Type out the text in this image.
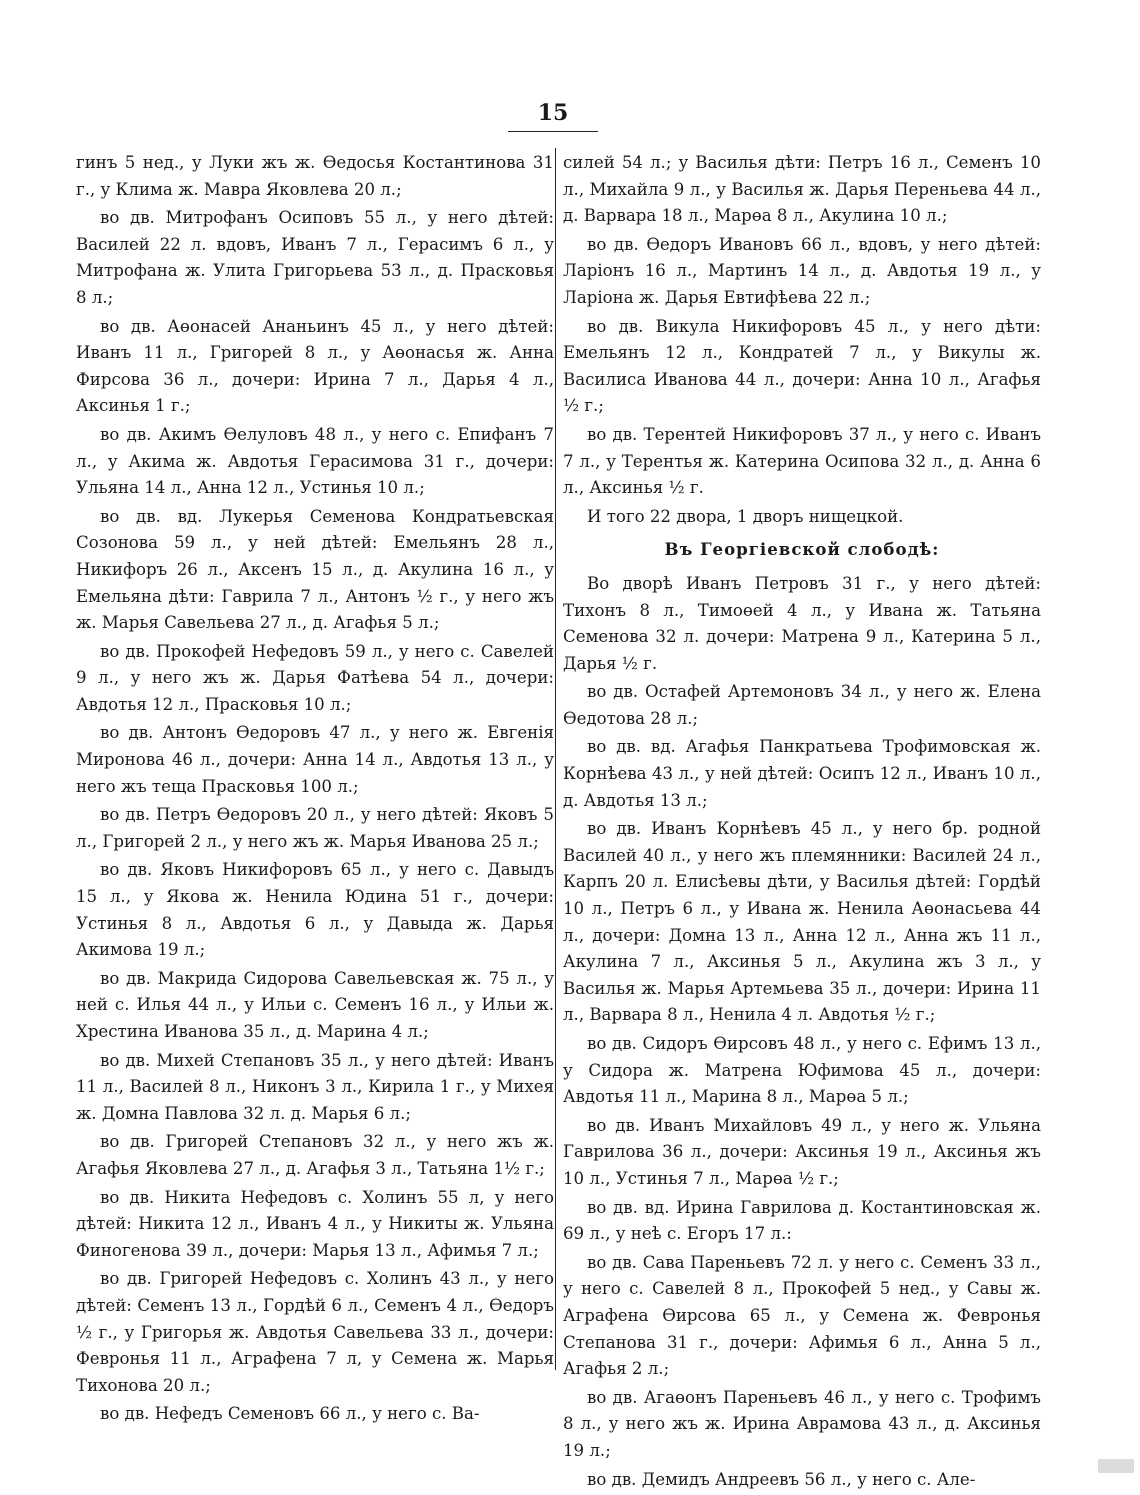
15

гинъ 5 нед., у Луки жъ ж. Өедосья Костантинова 31 г., у Клима ж. Мавра Яковлева 20 л.;

во дв. Митрофанъ Осиповъ 55 л., у него дѣтей: Василей 22 л. вдовъ, Иванъ 7 л., Герасимъ 6 л., у Митрофана ж. Улита Григорьева 53 л., д. Прасковья 8 л.;

во дв. Аөонасей Ананьинъ 45 л., у него дѣтей: Иванъ 11 л., Григорей 8 л., у Аөонасья ж. Анна Фирсова 36 л., дочери: Ирина 7 л., Дарья 4 л., Аксинья 1 г.;

во дв. Акимъ Өелуловъ 48 л., у него с. Епифанъ 7 л., у Акима ж. Авдотья Герасимова 31 г., дочери: Ульяна 14 л., Анна 12 л., Устинья 10 л.;

во дв. вд. Лукерья Семенова Кондратьевская Созонова 59 л., у ней дѣтей: Емельянъ 28 л., Никифоръ 26 л., Аксенъ 15 л., д. Акулина 16 л., у Емельяна дѣти: Гаврила 7 л., Антонъ ½ г., у него жъ ж. Марья Савельева 27 л., д. Агафья 5 л.;

во дв. Прокофей Нефедовъ 59 л., у него с. Савелей 9 л., у него жъ ж. Дарья Фатѣева 54 л., дочери: Авдотья 12 л., Прасковья 10 л.;

во дв. Антонъ Өедоровъ 47 л., у него ж. Евгенія Миронова 46 л., дочери: Анна 14 л., Авдотья 13 л., у него жъ теща Прасковья 100 л.;

во дв. Петръ Өедоровъ 20 л., у него дѣтей: Яковъ 5 л., Григорей 2 л., у него жъ ж. Марья Иванова 25 л.;

во дв. Яковъ Никифоровъ 65 л., у него с. Давыдъ 15 л., у Якова ж. Ненила Юдина 51 г., дочери: Устинья 8 л., Авдотья 6 л., у Давыда ж. Дарья Акимова 19 л.;

во дв. Макрида Сидорова Савельевская ж. 75 л., у ней с. Илья 44 л., у Ильи с. Семенъ 16 л., у Ильи ж. Хрестина Иванова 35 л., д. Марина 4 л.;

во дв. Михей Степановъ 35 л., у него дѣтей: Иванъ 11 л., Василей 8 л., Никонъ 3 л., Кирила 1 г., у Михея ж. Домна Павлова 32 л. д. Марья 6 л.;

во дв. Григорей Степановъ 32 л., у него жъ ж. Агафья Яковлева 27 л., д. Агафья 3 л., Татьяна 1½ г.;

во дв. Никита Нефедовъ с. Холинъ 55 л, у него дѣтей: Никита 12 л., Иванъ 4 л., у Никиты ж. Ульяна Финогенова 39 л., дочери: Марья 13 л., Афимья 7 л.;

во дв. Григорей Нефедовъ с. Холинъ 43 л., у него дѣтей: Семенъ 13 л., Гордѣй 6 л., Семенъ 4 л., Өедоръ ½ г., у Григорья ж. Авдотья Савельева 33 л., дочери: Февронья 11 л., Аграфена 7 л, у Семена ж. Марья Тихонова 20 л.;

во дв. Нефедъ Семеновъ 66 л., у него с. Ва-

силей 54 л.; у Василья дѣти: Петръ 16 л., Семенъ 10 л., Михайла 9 л., у Василья ж. Дарья Переньева 44 л., д. Варвара 18 л., Марөа 8 л., Акулина 10 л.;

во дв. Өедоръ Ивановъ 66 л., вдовъ, у него дѣтей: Ларіонъ 16 л., Мартинъ 14 л., д. Авдотья 19 л., у Ларіона ж. Дарья Евтифѣева 22 л.;

во дв. Викула Никифоровъ 45 л., у него дѣти: Емельянъ 12 л., Кондратей 7 л., у Викулы ж. Василиса Иванова 44 л., дочери: Анна 10 л., Агафья ½ г.;

во дв. Терентей Никифоровъ 37 л., у него с. Иванъ 7 л., у Терентья ж. Катерина Осипова 32 л., д. Анна 6 л., Аксинья ½ г.

И того 22 двора, 1 дворъ нищецкой.

Въ Георгіевской слободѣ:

Во дворѣ Иванъ Петровъ 31 г., у него дѣтей: Тихонъ 8 л., Тимоөей 4 л., у Ивана ж. Татьяна Семенова 32 л. дочери: Матрена 9 л., Катерина 5 л., Дарья ½ г.

во дв. Остафей Артемоновъ 34 л., у него ж. Елена Өедотова 28 л.;

во дв. вд. Агафья Панкратьева Трофимовская ж. Корнѣева 43 л., у ней дѣтей: Осипъ 12 л., Иванъ 10 л., д. Авдотья 13 л.;

во дв. Иванъ Корнѣевъ 45 л., у него бр. родной Василей 40 л., у него жъ племянники: Василей 24 л., Карпъ 20 л. Елисѣевы дѣти, у Василья дѣтей: Гордѣй 10 л., Петръ 6 л., у Ивана ж. Ненила Аөонасьева 44 л., дочери: Домна 13 л., Анна 12 л., Анна жъ 11 л., Акулина 7 л., Аксинья 5 л., Акулина жъ 3 л., у Василья ж. Марья Артемьева 35 л., дочери: Ирина 11 л., Варвара 8 л., Ненила 4 л. Авдотья ½ г.;

во дв. Сидоръ Өирсовъ 48 л., у него с. Ефимъ 13 л., у Сидора ж. Матрена Юфимова 45 л., дочери: Авдотья 11 л., Марина 8 л., Марөа 5 л.;

во дв. Иванъ Михайловъ 49 л., у него ж. Ульяна Гаврилова 36 л., дочери: Аксинья 19 л., Аксинья жъ 10 л., Устинья 7 л., Марөа ½ г.;

во дв. вд. Ирина Гаврилова д. Костантиновская ж. 69 л., у неѣ с. Егоръ 17 л.:

во дв. Сава Пареньевъ 72 л. у него с. Семенъ 33 л., у него с. Савелей 8 л., Прокофей 5 нед., у Савы ж. Аграфена Өирсова 65 л., у Семена ж. Февронья Степанова 31 г., дочери: Афимья 6 л., Анна 5 л., Агафья 2 л.;

во дв. Агаөонъ Пареньевъ 46 л., у него с. Трофимъ 8 л., у него жъ ж. Ирина Аврамова 43 л., д. Аксинья 19 л.;

во дв. Демидъ Андреевъ 56 л., у него с. Але-
